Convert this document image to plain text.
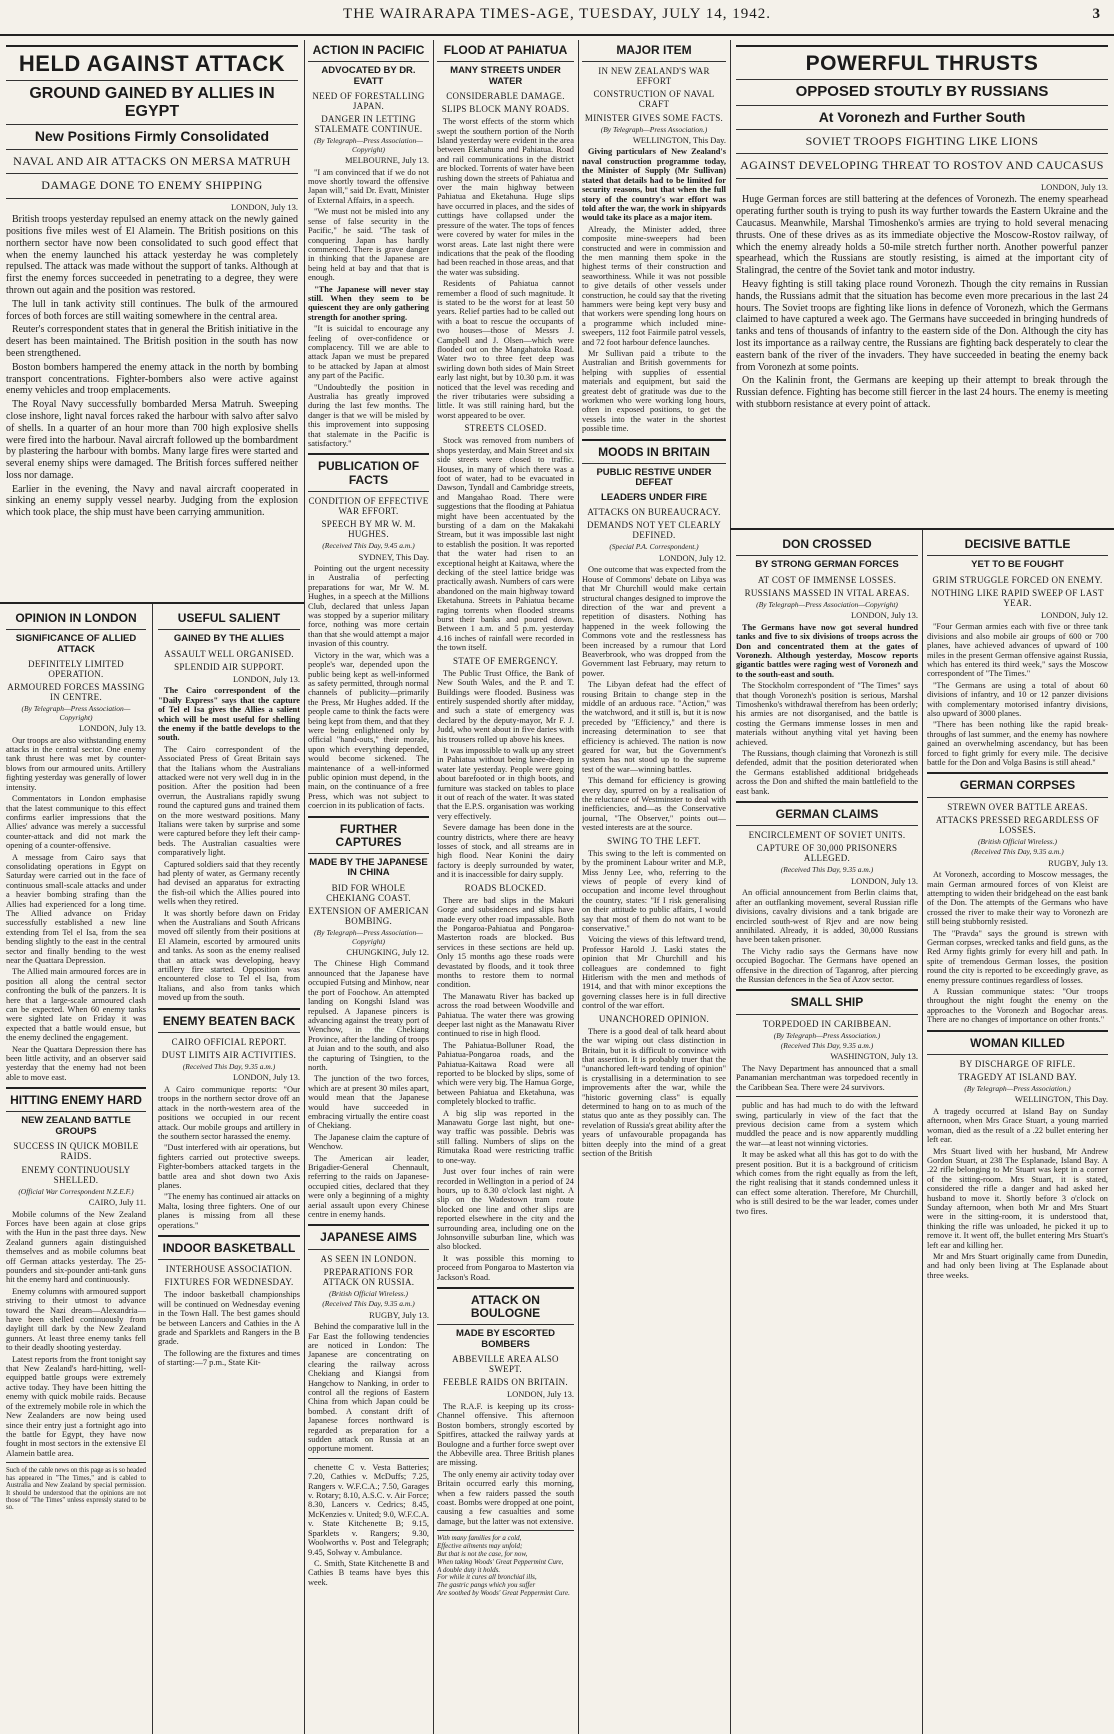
THE WAIRARAPA TIMES-AGE, TUESDAY, JULY 14, 1942.	3
HELD AGAINST ATTACK
GROUND GAINED BY ALLIES IN EGYPT
New Positions Firmly Consolidated
NAVAL AND AIR ATTACKS ON MERSA MATRUH
DAMAGE DONE TO ENEMY SHIPPING
LONDON, July 13.

British troops yesterday repulsed an enemy attack on the newly gained positions five miles west of El Alamein. The British positions on this northern sector have now been consolidated to such good effect that when the enemy launched his attack yesterday he was completely repulsed. The attack was made without the support of tanks. Although at first the enemy forces succeeded in penetrating to a degree, they were thrown out again and the position was restored.

The lull in tank activity still continues. The bulk of the armoured forces of both forces are still waiting somewhere in the central area.

Reuter's correspondent states that in general the British initiative in the desert has been maintained. The British position in the south has now been strengthened.

Boston bombers hampered the enemy attack in the north by bombing transport concentrations. Fighter-bombers also were active against enemy vehicles and troop emplacements.

The Royal Navy successfully bombarded Mersa Matruh. Sweeping close inshore, light naval forces raked the harbour with salvo after salvo of shells. In a quarter of an hour more than 700 high explosive shells were fired into the harbour. Naval aircraft followed up the bombardment by plastering the harbour with bombs. Many large fires were started and several enemy ships were damaged. The British forces suffered neither loss nor damage.

Earlier in the evening, the Navy and naval aircraft cooperated in sinking an enemy supply vessel nearby. Judging from the explosion which took place, the ship must have been carrying ammunition.

OPINION IN LONDON
SIGNIFICANCE OF ALLIED ATTACK
DEFINITELY LIMITED OPERATION.
ARMOURED FORCES MASSING IN CENTRE.
(By Telegraph—Press Association—Copyright)
LONDON, July 13.

Our troops are also withstanding enemy attacks in the central sector. One enemy tank thrust here was met by counter-blows from our armoured units. Artillery fighting yesterday was generally of lower intensity.

Commentators in London emphasise that the latest communique to this effect confirms earlier impressions that the Allies' advance was merely a successful counter-attack and did not mark the opening of a counter-offensive.

A message from Cairo says that consolidating operations in Egypt on Saturday were carried out in the face of continuous small-scale attacks and under a heavier bombing strafing than the Allies had experienced for a long time. The Allied advance on Friday successfully established a new line extending from Tel el Isa, from the sea bending slightly to the east in the central sector and finally bending to the west near the Quattara Depression.

The Allied main armoured forces are in position all along the central sector confronting the bulk of the panzers. It is here that a large-scale armoured clash can be expected. When 60 enemy tanks were sighted late on Friday it was expected that a battle would ensue, but the enemy declined the engagement.

Near the Quattara Depression there has been little activity, and an observer said yesterday that the enemy had not been able to move east.

HITTING ENEMY HARD
NEW ZEALAND BATTLE GROUPS
SUCCESS IN QUICK MOBILE RAIDS.
ENEMY CONTINUOUSLY SHELLED.
(Official War Correspondent N.Z.E.F.)
CAIRO, July 11.

Mobile columns of the New Zealand Forces have been again at close grips with the Hun in the past three days. New Zealand gunners again distinguished themselves and as mobile columns beat off German attacks yesterday. The 25-pounders and six-pounder anti-tank guns hit the enemy hard and continuously.

Enemy columns with armoured support striving to their utmost to advance toward the Nazi dream—Alexandria—have been shelled continuously from daylight till dark by the New Zealand gunners. At least three enemy tanks fell to their deadly shooting yesterday.

Latest reports from the front tonight say that New Zealand's hard-hitting, well-equipped battle groups were extremely active today. They have been hitting the enemy with quick mobile raids. Because of the extremely mobile role in which the New Zealanders are now being used since their entry just a fortnight ago into the battle for Egypt, they have now fought in most sectors in the extensive El Alamein battle area.

Such of the cable news on this page as is so headed has appeared in "The Times," and is cabled to Australia and New Zealand by special permission. It should be understood that the opinions are not those of "The Times" unless expressly stated to be so.
USEFUL SALIENT
GAINED BY THE ALLIES
ASSAULT WELL ORGANISED.
SPLENDID AIR SUPPORT.
LONDON, July 13.

The Cairo correspondent of the "Daily Express" says that the capture of Tel el Isa gives the Allies a salient which will be most useful for shelling the enemy if the battle develops to the south.

The Cairo correspondent of the Associated Press of Great Britain says that the Italians whom the Australians attacked were not very well dug in in the position. After the position had been overrun, the Australians rapidly swung round the captured guns and trained them on the more westward positions. Many Italians were taken by surprise and some were captured before they left their camp-beds. The Australian casualties were comparatively light.

Captured soldiers said that they recently had plenty of water, as Germany recently had devised an apparatus for extracting the fish-oil which the Allies poured into wells when they retired.

It was shortly before dawn on Friday when the Australians and South Africans moved off silently from their positions at El Alamein, escorted by armoured units and tanks. As soon as the enemy realised that an attack was developing, heavy artillery fire started. Opposition was encountered close to Tel el Isa, from Italians, and also from tanks which moved up from the south.

ENEMY BEATEN BACK
CAIRO OFFICIAL REPORT.
DUST LIMITS AIR ACTIVITIES.
(Received This Day, 9.35 a.m.)
LONDON, July 13.

A Cairo communique reports: "Our troops in the northern sector drove off an attack in the north-western area of the positions we occupied in our recent attack. Our mobile groups and artillery in the southern sector harassed the enemy.

"Dust interfered with air operations, but fighters carried out protective sweeps. Fighter-bombers attacked targets in the battle area and shot down two Axis planes.

"The enemy has continued air attacks on Malta, losing three fighters. One of our planes is missing from all these operations."

INDOOR BASKETBALL
INTERHOUSE ASSOCIATION.
FIXTURES FOR WEDNESDAY.

The indoor basketball championships will be continued on Wednesday evening in the Town Hall. The best games should be between Lancers and Cathies in the A grade and Sparklets and Rangers in the B grade.

The following are the fixtures and times of starting:—7 p.m., State Kit-

ACTION IN PACIFIC
ADVOCATED BY DR. EVATT
NEED OF FORESTALLING JAPAN.
DANGER IN LETTING STALEMATE CONTINUE.
(By Telegraph—Press Association—Copyright)
MELBOURNE, July 13.

"I am convinced that if we do not move shortly toward the offensive Japan will," said Dr. Evatt, Minister of External Affairs, in a speech.

"We must not be misled into any sense of false security in the Pacific," he said. "The task of conquering Japan has hardly commenced. There is grave danger in thinking that the Japanese are being held at bay and that that is enough.

"The Japanese will never stay still. When they seem to be quiescent they are only gathering strength for another spring.

"It is suicidal to encourage any feeling of over-confidence or complacency. Till we are able to attack Japan we must be prepared to be attacked by Japan at almost any part of the Pacific.

"Undoubtedly the position in Australia has greatly improved during the last few months. The danger is that we will be misled by this improvement into supposing that stalemate in the Pacific is satisfactory."

PUBLICATION OF FACTS
CONDITION OF EFFECTIVE WAR EFFORT.
SPEECH BY MR W. M. HUGHES.
(Received This Day, 9.45 a.m.)
SYDNEY, This Day.

Pointing out the urgent necessity in Australia of perfecting preparations for war, Mr W. M. Hughes, in a speech at the Millions Club, declared that unless Japan was stopped by a superior military force, nothing was more certain than that she would attempt a major invasion of this country.

Victory in the war, which was a people's war, depended upon the public being kept as well-informed as safety permitted, through normal channels of publicity—primarily the Press, Mr Hughes added. If the people came to think the facts were being kept from them, and that they were being enlightened only by official "hand-outs," their morale, upon which everything depended, would become sickened. The maintenance of a well-informed public opinion must depend, in the main, on the continuance of a free Press, which was not subject to coercion in its publication of facts.

FURTHER CAPTURES
MADE BY THE JAPANESE IN CHINA
BID FOR WHOLE CHEKIANG COAST.
EXTENSION OF AMERICAN BOMBING.
(By Telegraph—Press Association—Copyright)
CHUNGKING, July 12.

The Chinese High Command announced that the Japanese have occupied Futsing and Minhow, near the port of Foochow. An attempted landing on Kongshi Island was repulsed. A Japanese pincers is advancing against the treaty port of Wenchow, in the Chekiang Province, after the landing of troops at Juian and to the south, and also the capturing of Tsingtien, to the north.

The junction of the two forces, which are at present 30 miles apart, would mean that the Japanese would have succeeded in embracing virtually the entire coast of Chekiang.

The Japanese claim the capture of Wenchow.

The American air leader, Brigadier-General Chennault, referring to the raids on Japanese-occupied cities, declared that they were only a beginning of a mighty aerial assault upon every Chinese centre in enemy hands.

JAPANESE AIMS
AS SEEN IN LONDON.
PREPARATIONS FOR ATTACK ON RUSSIA.
(British Official Wireless.)
(Received This Day, 9.35 a.m.)
RUGBY, July 13.

Behind the comparative lull in the Far East the following tendencies are noticed in London: The Japanese are concentrating on clearing the railway across Chekiang and Kiangsi from Hangchow to Nanking, in order to control all the regions of Eastern China from which Japan could be bombed. A constant drift of Japanese forces northward is regarded as preparation for a sudden attack on Russia at an opportune moment.

chenette C v. Vesta Batteries; 7.20, Cathies v. McDuffs; 7.25, Rangers v. W.F.C.A.; 7.50, Garages v. Rotary; 8.10, A.S.C. v. Air Force; 8.30, Lancers v. Cedrics; 8.45, McKenzies v. United; 9.0, W.F.C.A. v. State Kitchenette B; 9.15, Sparklets v. Rangers; 9.30, Woolworths v. Post and Telegraph; 9.45, Solway v. Ambulance.

C. Smith, State Kitchenette B and Cathies B teams have byes this week.

FLOOD AT PAHIATUA
MANY STREETS UNDER WATER
CONSIDERABLE DAMAGE.
SLIPS BLOCK MANY ROADS.

The worst effects of the storm which swept the southern portion of the North Island yesterday were evident in the area between Eketahuna and Pahiatua. Road and rail communications in the district are blocked. Torrents of water have been rushing down the streets of Pahiatua and over the main highway between Pahiatua and Eketahuna. Huge slips have occurred in places, and the sides of cuttings have collapsed under the pressure of the water. The tops of fences were covered by water for miles in the worst areas. Late last night there were indications that the peak of the flooding had been reached in those areas, and that the water was subsiding.

Residents of Pahiatua cannot remember a flood of such magnitude. It is stated to be the worst for at least 50 years. Relief parties had to be called out with a boat to rescue the occupants of two houses—those of Messrs J. Campbell and J. Olsen—which were flooded out on the Mangahatoka Road. Water two to three feet deep was swirling down both sides of Main Street early last night, but by 10.30 p.m. it was noticed that the level was receding and the river tributaries were subsiding a little. It was still raining hard, but the worst appeared to be over.

STREETS CLOSED.

Stock was removed from numbers of shops yesterday, and Main Street and six side streets were closed to traffic. Houses, in many of which there was a foot of water, had to be evacuated in Dawson, Tyndall and Cambridge streets, and Mangahao Road. There were suggestions that the flooding at Pahiatua might have been accentuated by the bursting of a dam on the Makakahi Stream, but it was impossible last night to establish the position. It was reported that the water had risen to an exceptional height at Kaitawa, where the decking of the steel lattice bridge was practically awash. Numbers of cars were abandoned on the main highway toward Eketahuna. Streets in Pahiatua became raging torrents when flooded streams burst their banks and poured down. Between 1 a.m. and 5 p.m. yesterday 4.16 inches of rainfall were recorded in the town itself.

STATE OF EMERGENCY.

The Public Trust Office, the Bank of New South Wales, and the P. and T. Buildings were flooded. Business was entirely suspended shortly after midday, and such a state of emergency was declared by the deputy-mayor, Mr F. J. Judd, who went about in five daries with his trousers rolled up above his knees.

It was impossible to walk up any street in Pahiatua without being knee-deep in water late yesterday. People were going about barefooted or in thigh boots, and furniture was stacked on tables to place it out of reach of the water. It was stated that the E.P.S. organisation was working very effectively.

Severe damage has been done in the country districts, where there are heavy losses of stock, and all streams are in high flood. Near Konini the dairy factory is deeply surrounded by water, and it is inaccessible for dairy supply.

ROADS BLOCKED.

There are bad slips in the Makuri Gorge and subsidences and slips have made every other road impassable. Both the Pongaroa-Pahiatua and Pongaroa-Masterton roads are blocked. Bus services in these sections are held up. Only 15 months ago these roads were devastated by floods, and it took three months to restore them to normal condition.

The Manawatu River has backed up across the road between Woodville and Pahiatua. The water there was growing deeper last night as the Manawatu River continued to rise in high flood.

The Pahiatua-Bolluner Road, the Pahiatua-Pongaroa roads, and the Pahiatua-Kaitawa Road were all reported to be blocked by slips, some of which were very big. The Hamua Gorge, between Pahiatua and Eketahuna, was completely blocked to traffic.

A big slip was reported in the Manawatu Gorge last night, but one-way traffic was possible. Debris was still falling. Numbers of slips on the Rimutaka Road were restricting traffic to one-way.

Just over four inches of rain were recorded in Wellington in a period of 24 hours, up to 8.30 o'clock last night. A slip on the Wadestown tram route blocked one line and other slips are reported elsewhere in the city and the surrounding area, including one on the Johnsonville suburban line, which was also blocked.

It was possible this morning to proceed from Pongaroa to Masterton via Jackson's Road.

ATTACK ON BOULOGNE
MADE BY ESCORTED BOMBERS
ABBEVILLE AREA ALSO SWEPT.
FEEBLE RAIDS ON BRITAIN.
LONDON, July 13.

The R.A.F. is keeping up its cross-Channel offensive. This afternoon Boston bombers, strongly escorted by Spitfires, attacked the railway yards at Boulogne and a further force swept over the Abbeville area. Three British planes are missing.

The only enemy air activity today over Britain occurred early this morning, when a few raiders passed the south coast. Bombs were dropped at one point, causing a few casualties and some damage, but the latter was not extensive.

With many families for a cold,
Effective ailments may unfold;
But that is not the case, for now,
When taking Woods' Great Peppermint Cure,
A double duty it holds.
For while it cures all bronchial ills,
The gastric pangs which you suffer
Are soothed by Woods' Great Peppermint Cure.
MAJOR ITEM
IN NEW ZEALAND'S WAR EFFORT
CONSTRUCTION OF NAVAL CRAFT
MINISTER GIVES SOME FACTS.
(By Telegraph—Press Association.)
WELLINGTON, This Day.

Giving particulars of New Zealand's naval construction programme today, the Minister of Supply (Mr Sullivan) stated that details had to be limited for security reasons, but that when the full story of the country's war effort was told after the war, the work in shipyards would take its place as a major item.

Already, the Minister added, three composite mine-sweepers had been constructed and were in commission and the men manning them spoke in the highest terms of their construction and seaworthiness. While it was not possible to give details of other vessels under construction, he could say that the riveting hammers were being kept very busy and that workers were spending long hours on a programme which included mine-sweepers, 112 foot Fairmile patrol vessels, and 72 foot harbour defence launches.

Mr Sullivan paid a tribute to the Australian and British governments for helping with supplies of essential materials and equipment, but said the greatest debt of gratitude was due to the workmen who were working long hours, often in exposed positions, to get the vessels into the water in the shortest possible time.

MOODS IN BRITAIN
PUBLIC RESTIVE UNDER DEFEAT
LEADERS UNDER FIRE
ATTACKS ON BUREAUCRACY.
DEMANDS NOT YET CLEARLY DEFINED.
(Special P.A. Correspondent.)
LONDON, July 12.

One outcome that was expected from the House of Commons' debate on Libya was that Mr Churchill would make certain structural changes designed to improve the direction of the war and prevent a repetition of disasters. Nothing has happened in the week following the Commons vote and the restlessness has been increased by a rumour that Lord Beaverbrook, who was dropped from the Government last February, may return to power.

The Libyan defeat had the effect of rousing Britain to change step in the middle of an arduous race. "Action," was the watchword, and it still is, but it is now preceded by "Efficiency," and there is increasing determination to see that efficiency is achieved. The nation is now geared for war, but the Government's system has not stood up to the supreme test of the war—winning battles.

This demand for efficiency is growing every day, spurred on by a realisation of the reluctance of Westminster to deal with inefficiencies, and—as the Conservative journal, "The Observer," points out—vested interests are at the source.

SWING TO THE LEFT.

This swing to the left is commented on by the prominent Labour writer and M.P., Miss Jenny Lee, who, referring to the views of people of every kind of occupation and income level throughout the country, states: "If I risk generalising on their attitude to public affairs, I would say that most of them do not want to be conservative."

Voicing the views of this leftward trend, Professor Harold J. Laski states the opinion that Mr Churchill and his colleagues are condemned to fight Hitlerism with the men and methods of 1914, and that with minor exceptions the governing classes here is in full directive control of the war effort.

UNANCHORED OPINION.

There is a good deal of talk heard about the war wiping out class distinction in Britain, but it is difficult to convince with that assertion. It is probably truer that the "unanchored left-ward tending of opinion" is crystallising in a determination to see improvements after the war, while the "historic governing class" is equally determined to hang on to as much of the status quo ante as they possibly can. The revelation of Russia's great ability after the years of unfavourable propaganda has bitten deeply into the mind of a great section of the British

POWERFUL THRUSTS
OPPOSED STOUTLY BY RUSSIANS
At Voronezh and Further South
SOVIET TROOPS FIGHTING LIKE LIONS
AGAINST DEVELOPING THREAT TO ROSTOV AND CAUCASUS
LONDON, July 13.

Huge German forces are still battering at the defences of Voronezh. The enemy spearhead operating further south is trying to push its way further towards the Eastern Ukraine and the Caucasus. Meanwhile, Marshal Timoshenko's armies are trying to hold several menacing thrusts. One of these drives as as its immediate objective the Moscow-Rostov railway, of which the enemy already holds a 50-mile stretch further north. Another powerful panzer spearhead, which the Russians are stoutly resisting, is aimed at the important city of Stalingrad, the centre of the Soviet tank and motor industry.

Heavy fighting is still taking place round Voronezh. Though the city remains in Russian hands, the Russians admit that the situation has become even more precarious in the last 24 hours. The Soviet troops are fighting like lions in defence of Voronezh, which the Germans claimed to have captured a week ago. The Germans have succeeded in bringing hundreds of tanks and tens of thousands of infantry to the eastern side of the Don. Although the city has lost its importance as a railway centre, the Russians are fighting back desperately to clear the eastern bank of the river of the invaders. They have succeeded in beating the enemy back from Voronezh at some points.

On the Kalinin front, the Germans are keeping up their attempt to break through the Russian defence. Fighting has become still fiercer in the last 24 hours. The enemy is meeting with stubborn resistance at every point of attack.

DON CROSSED
BY STRONG GERMAN FORCES
AT COST OF IMMENSE LOSSES.
RUSSIANS MASSED IN VITAL AREAS.
(By Telegraph—Press Association—Copyright)
LONDON, July 13.

The Germans have now got several hundred tanks and five to six divisions of troops across the Don and concentrated them at the gates of Voronezh. Although yesterday, Moscow reports gigantic battles were raging west of Voronezh and to the south-east and south.

The Stockholm correspondent of "The Times" says that though Voronezh's position is serious, Marshal Timoshenko's withdrawal therefrom has been orderly; his armies are not disorganised, and the battle is costing the Germans immense losses in men and materials without anything vital yet having been achieved.

The Russians, though claiming that Voronezh is still defended, admit that the position deteriorated when the Germans established additional bridgeheads across the Don and shifted the main battlefield to the east bank.

GERMAN CLAIMS
ENCIRCLEMENT OF SOVIET UNITS.
CAPTURE OF 30,000 PRISONERS ALLEGED.
(Received This Day, 9.35 a.m.)
LONDON, July 13.

An official announcement from Berlin claims that, after an outflanking movement, several Russian rifle divisions, cavalry divisions and a tank brigade are encircled south-west of Rjev and are now being annihilated. Already, it is added, 30,000 Russians have been taken prisoner.

The Vichy radio says the Germans have now occupied Bogochar. The Germans have opened an offensive in the direction of Taganrog, after piercing the Russian defences in the Sea of Azov sector.

SMALL SHIP
TORPEDOED IN CARIBBEAN.
(By Telegraph—Press Association.)
(Received This Day, 9.35 a.m.)
WASHINGTON, July 13.

The Navy Department has announced that a small Panamanian merchantman was torpedoed recently in the Caribbean Sea. There were 24 survivors.

public and has had much to do with the leftward swing, particularly in view of the fact that the previous decision came from a system which muddled the peace and is now apparently muddling the war—at least not winning victories.

It may be asked what all this has got to do with the present position. But it is a background of criticism which comes from the right equally as from the left, the right realising that it stands condemned unless it can effect some alteration. Therefore, Mr Churchill, who is still desired to be the war leader, comes under two fires.

DECISIVE BATTLE
YET TO BE FOUGHT
GRIM STRUGGLE FORCED ON ENEMY.
NOTHING LIKE RAPID SWEEP OF LAST YEAR.
LONDON, July 12.

"Four German armies each with five or three tank divisions and also mobile air groups of 600 or 700 planes, have achieved advances of upward of 100 miles in the present German offensive against Russia, which has entered its third week," says the Moscow correspondent of "The Times."

"The Germans are using a total of about 60 divisions of infantry, and 10 or 12 panzer divisions with complementary motorised infantry divisions, also upward of 3000 planes.

"There has been nothing like the rapid break-throughs of last summer, and the enemy has nowhere gained an overwhelming ascendancy, but has been forced to fight grimly for every mile. The decisive battle for the Don and Volga Basins is still ahead."

GERMAN CORPSES
STREWN OVER BATTLE AREAS.
ATTACKS PRESSED REGARDLESS OF LOSSES.
(British Official Wireless.)
(Received This Day, 9.35 a.m.)
RUGBY, July 13.

At Voronezh, according to Moscow messages, the main German armoured forces of von Kleist are attempting to widen their bridgehead on the east bank of the Don. The attempts of the Germans who have crossed the river to make their way to Voronezh are still being stubbornly resisted.

The "Pravda" says the ground is strewn with German corpses, wrecked tanks and field guns, as the Red Army fights grimly for every hill and path. In spite of tremendous German losses, the position round the city is reported to be exceedingly grave, as enemy pressure continues regardless of losses.

A Russian communique states: "Our troops throughout the night fought the enemy on the approaches to the Voronezh and Bogochar areas. There are no changes of importance on other fronts."

WOMAN KILLED
BY DISCHARGE OF RIFLE.
TRAGEDY AT ISLAND BAY.
(By Telegraph—Press Association.)
WELLINGTON, This Day.

A tragedy occurred at Island Bay on Sunday afternoon, when Mrs Grace Stuart, a young married woman, died as the result of a .22 bullet entering her left ear.

Mrs Stuart lived with her husband, Mr Andrew Gordon Stuart, at 238 The Esplanade, Island Bay. A .22 rifle belonging to Mr Stuart was kept in a corner of the sitting-room. Mrs Stuart, it is stated, considered the rifle a danger and had asked her husband to move it. Shortly before 3 o'clock on Sunday afternoon, when both Mr and Mrs Stuart were in the sitting-room, it is understood that, thinking the rifle was unloaded, he picked it up to remove it. It went off, the bullet entering Mrs Stuart's left ear and killing her.

Mr and Mrs Stuart originally came from Dunedin, and had only been living at The Esplanade about three weeks.
